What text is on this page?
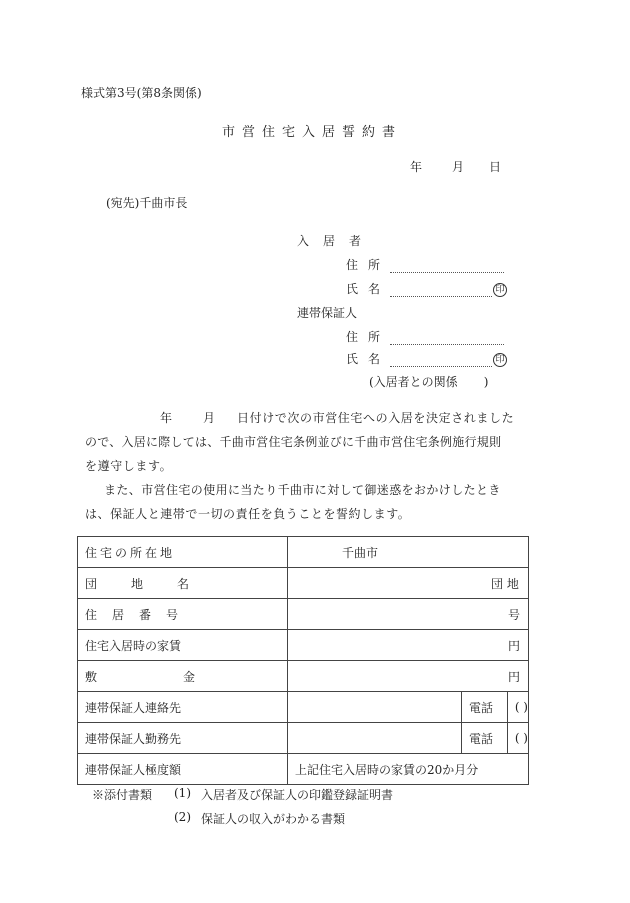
様式第3号(第8条関係)
市営住宅入居誓約書
年 月 日
(宛先)千曲市長
入居者
住所
氏名	印
連帯保証人
住所
氏名	印
(入居者との関係 )
年	月 日付けで次の市営住宅への入居を決定されました
ので、入居に際しては、千曲市営住宅条例並びに千曲市営住宅条例施行規則
を遵守します。
また、市営住宅の使用に当たり千曲市に対して御迷惑をおかけしたとき
は、保証人と連帯で一切の責任を負うことを誓約します。
住宅の所在地	千曲市		

団地名	団 地		

住居番号	号		
住宅入居時の家賃	円		

敷金	円		
連帯保証人連絡先		電話	( )
連帯保証人勤務先		電話	( )
連帯保証人極度額	上記住宅入居時の家賃の20か月分		
※添付書類 (1) 入居者及び保証人の印鑑登録証明書
(2) 保証人の収入がわかる書類
